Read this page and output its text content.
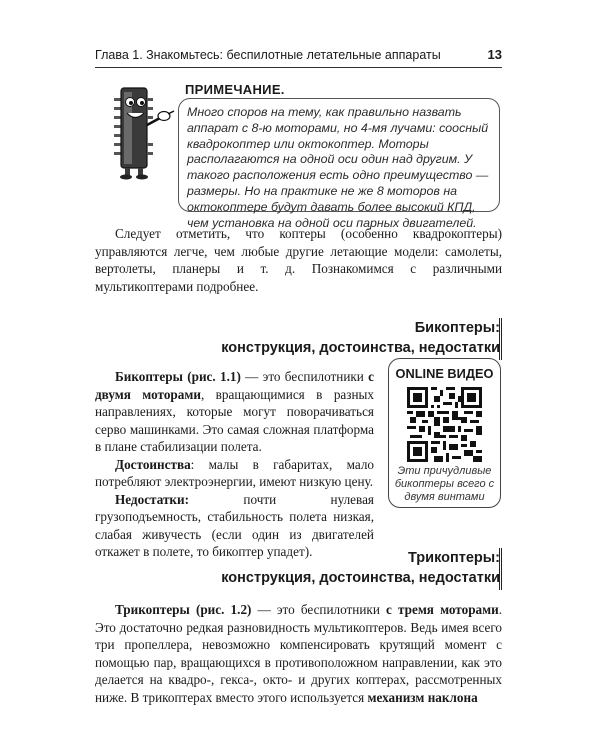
Глава 1. Знакомьтесь: беспилотные летательные аппараты	13
ПРИМЕЧАНИЕ.
Много споров на тему, как правильно назвать аппарат с 8-ю моторами, но 4-мя лучами: соосный квадрокоптер или октокоптер. Моторы располагаются на одной оси один над другим. У такого расположения есть одно преимущество — размеры. Но на практике не же 8 моторов на октокоптере будут давать более высокий КПД, чем установка на одной оси парных двигателей.
Следует отметить, что коптеры (особенно квадрокоптеры) управляются легче, чем любые другие летающие модели: самолеты, вертолеты, планеры и т. д. Познакомимся с различными мультикоптерами подробнее.
Бикоптеры:
конструкция, достоинства, недостатки
Бикоптеры (рис. 1.1) — это беспилотники с двумя моторами, вращающимися в разных направлениях, которые могут поворачиваться серво машинками. Это самая сложная платформа в плане стабилизации полета.
Достоинства: малы в габаритах, мало потребляют электроэнергии, имеют низкую цену.
Недостатки: почти нулевая грузоподъемность, стабильность полета низкая, слабая живучесть (если один из двигателей откажет в полете, то бикоптер упадет).
ONLINE ВИДЕО
Эти причудливые бикоптеры всего с двумя винтами
Трикоптеры:
конструкция, достоинства, недостатки
Трикоптеры (рис. 1.2) — это беспилотники с тремя моторами. Это достаточно редкая разновидность мультикоптеров. Ведь имея всего три пропеллера, невозможно компенсировать крутящий момент с помощью пар, вращающихся в противоположном направлении, как это делается на квадро-, гекса-, окто- и других коптерах, рассмотренных ниже. В трикоптерах вместо этого используется механизм наклона
